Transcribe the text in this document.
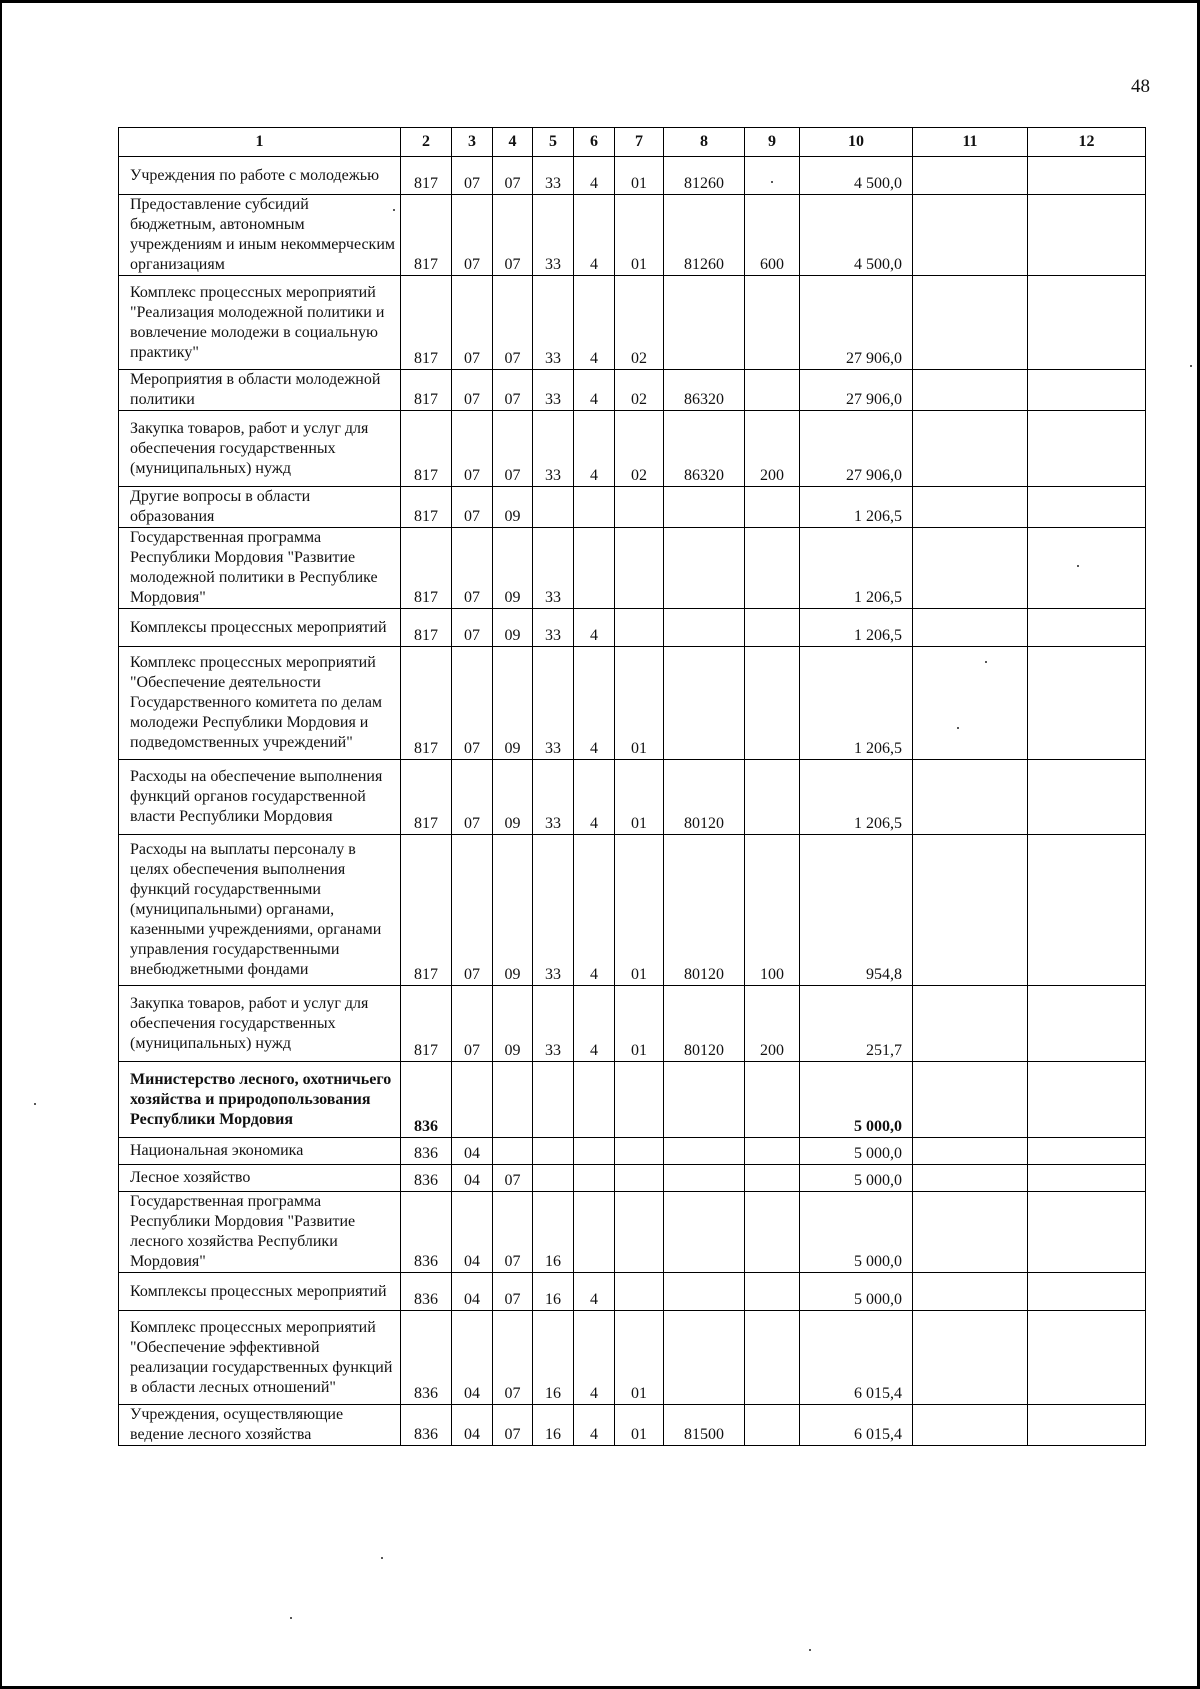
48
1	2	3	4	5	6	7	8	9	10	11	12
Учреждения по работе с молодежью	817	07	07	33	4	01	81260		4 500,0		
Предоставление субсидий бюджетным, автономным учреждениям и иным некоммерческим организациям	817	07	07	33	4	01	81260	600	4 500,0		
Комплекс процессных мероприятий "Реализация молодежной политики и вовлечение молодежи в социальную практику"	817	07	07	33	4	02			27 906,0		
Мероприятия в области молодежной политики	817	07	07	33	4	02	86320		27 906,0		
Закупка товаров, работ и услуг для обеспечения государственных (муниципальных) нужд	817	07	07	33	4	02	86320	200	27 906,0		
Другие вопросы в области образования	817	07	09						1 206,5		
Государственная программа Республики Мордовия "Развитие молодежной политики в Республике Мордовия"	817	07	09	33					1 206,5		
Комплексы процессных мероприятий	817	07	09	33	4				1 206,5		
Комплекс процессных мероприятий "Обеспечение деятельности Государственного комитета по делам молодежи Республики Мордовия и подведомственных учреждений"	817	07	09	33	4	01			1 206,5		
Расходы на обеспечение выполнения функций органов государственной власти Республики Мордовия	817	07	09	33	4	01	80120		1 206,5		
Расходы на выплаты персоналу в целях обеспечения выполнения функций государственными (муниципальными) органами, казенными учреждениями, органами управления государственными внебюджетными фондами	817	07	09	33	4	01	80120	100	954,8		
Закупка товаров, работ и услуг для обеспечения государственных (муниципальных) нужд	817	07	09	33	4	01	80120	200	251,7		
Министерство лесного, охотничьего хозяйства и природопользования Республики Мордовия	836								5 000,0		
Национальная экономика	836	04							5 000,0		
Лесное хозяйство	836	04	07						5 000,0		
Государственная программа Республики Мордовия "Развитие лесного хозяйства Республики Мордовия"	836	04	07	16					5 000,0		
Комплексы процессных мероприятий	836	04	07	16	4				5 000,0		
Комплекс процессных мероприятий "Обеспечение эффективной реализации государственных функций в области лесных отношений"	836	04	07	16	4	01			6 015,4		
Учреждения, осуществляющие ведение лесного хозяйства	836	04	07	16	4	01	81500		6 015,4		
